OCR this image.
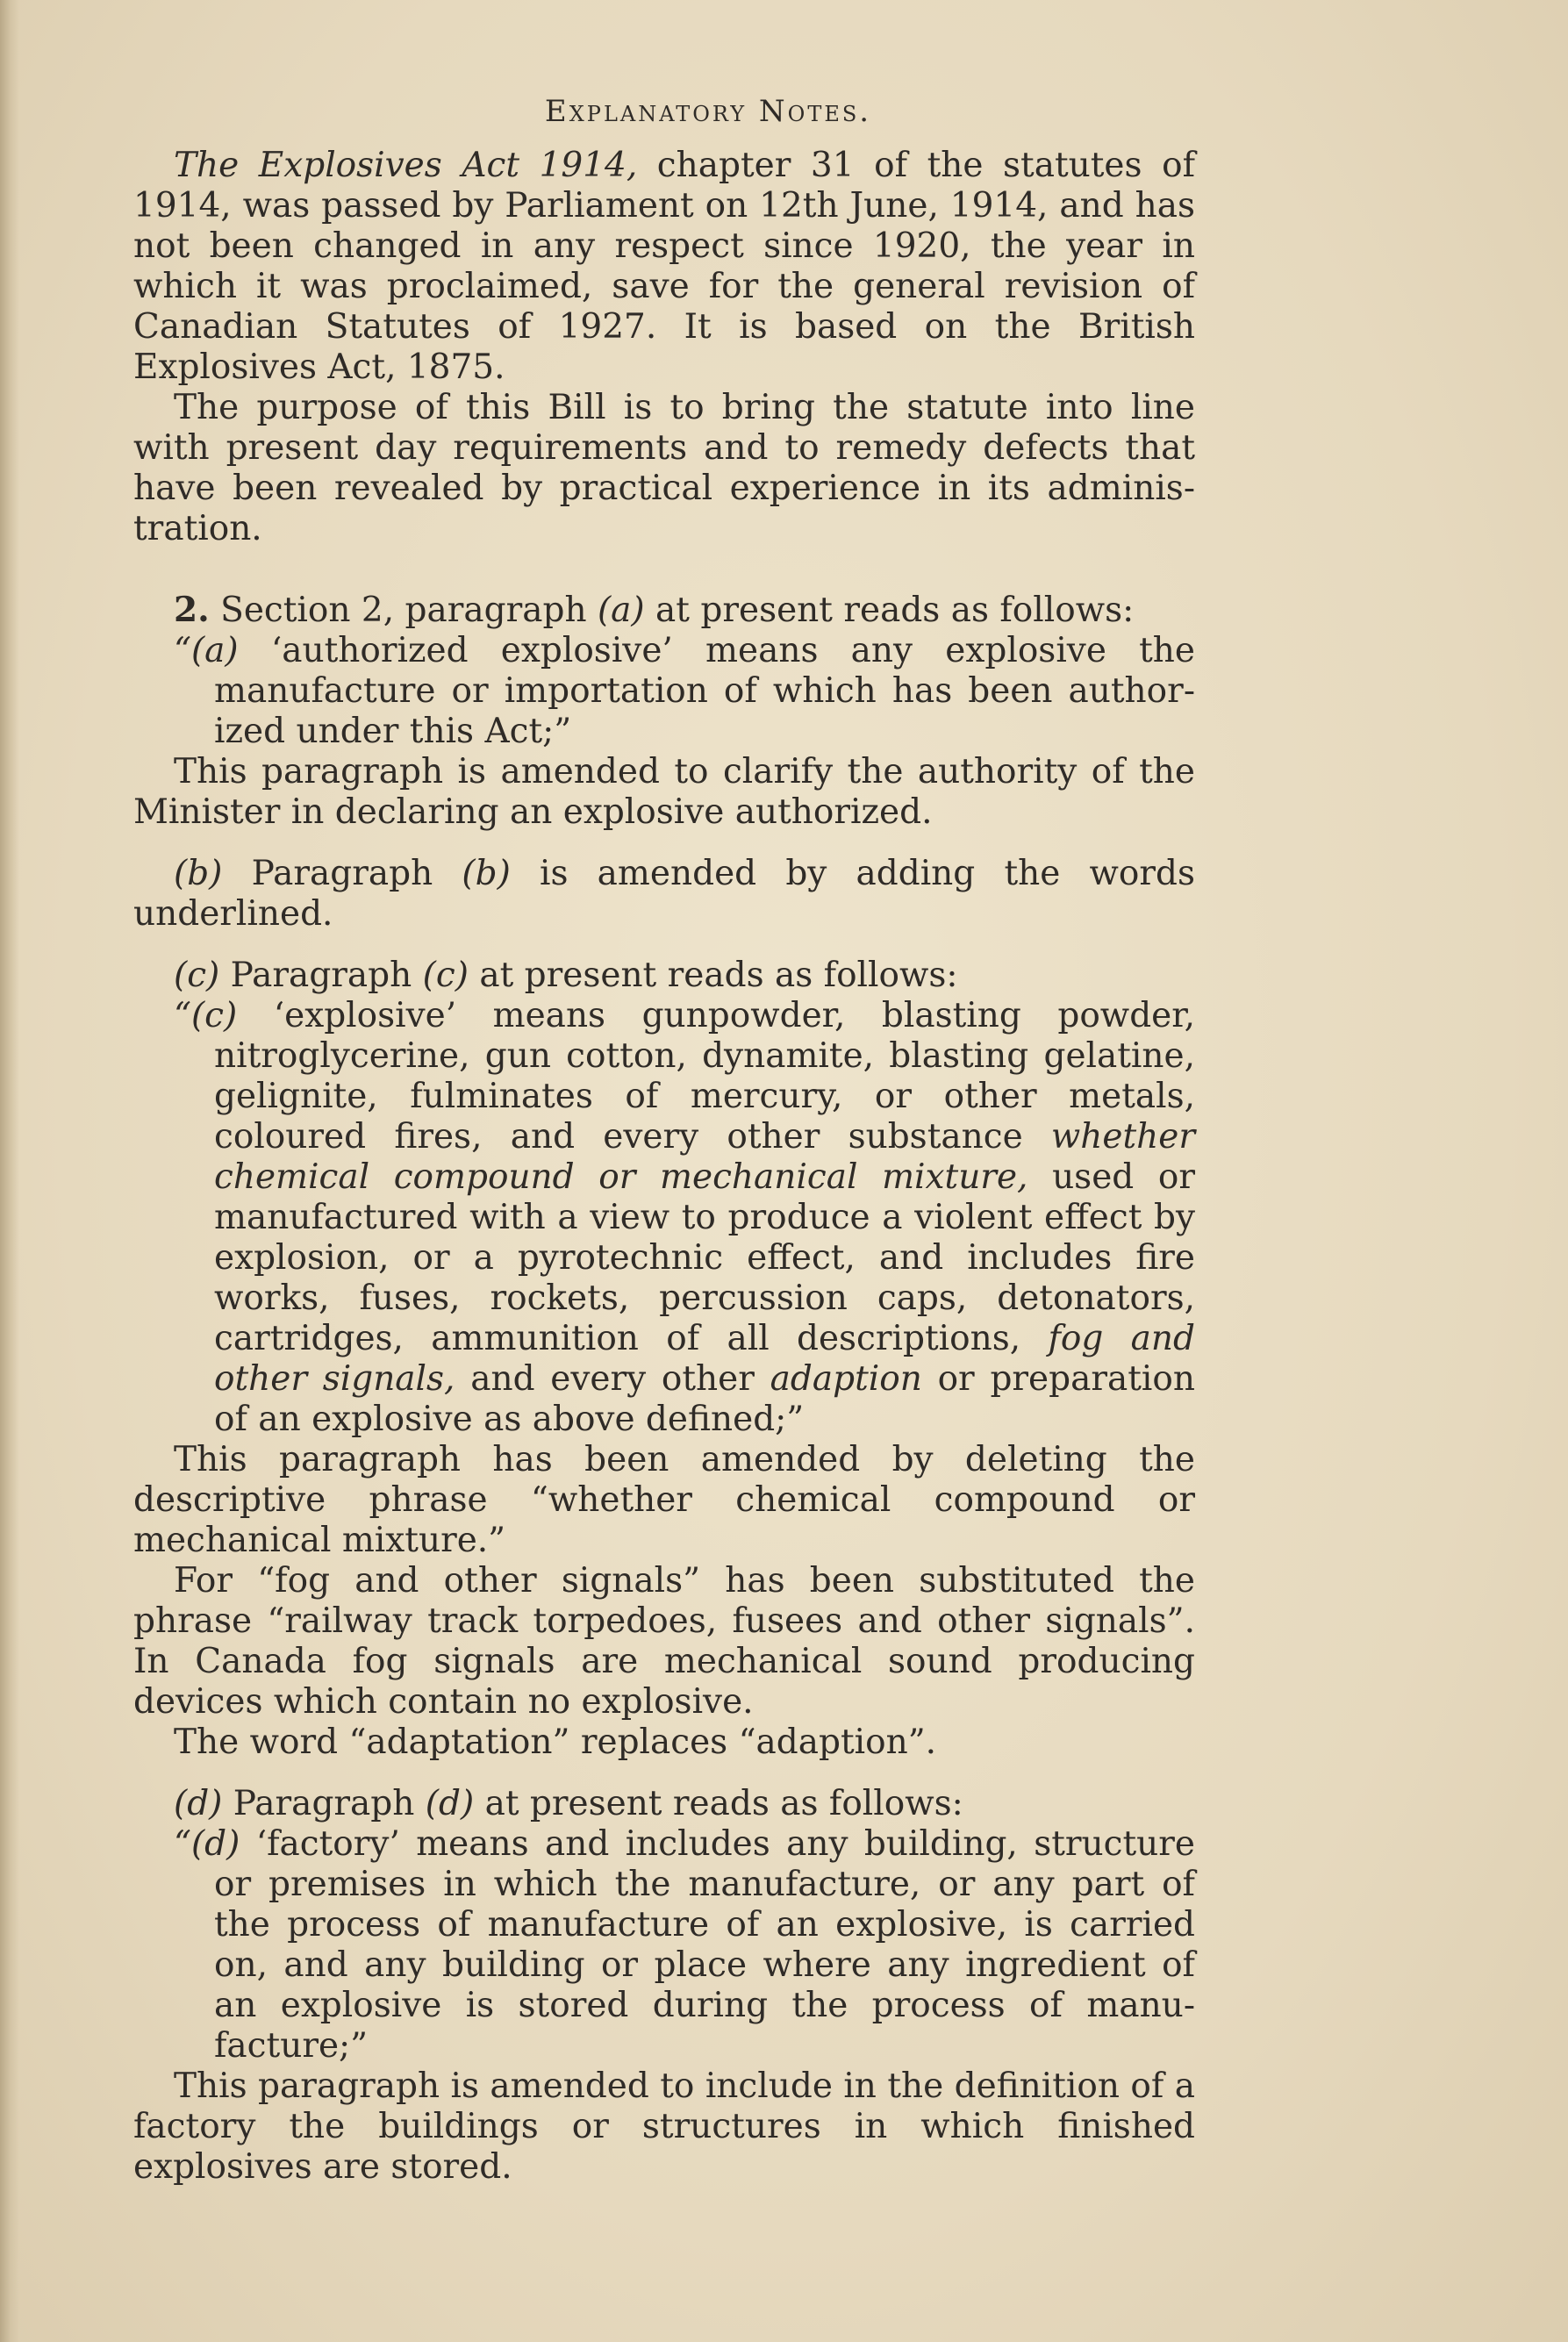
Explanatory Notes.

The Explosives Act 1914, chapter 31 of the statutes of 1914, was passed by Parliament on 12th June, 1914, and has not been changed in any respect since 1920, the year in which it was proclaimed, save for the general revision of Canadian Statutes of 1927. It is based on the British Explosives Act, 1875.

The purpose of this Bill is to bring the statute into line with present day requirements and to remedy defects that have been revealed by practical experience in its administration.

2. Section 2, paragraph (a) at present reads as follows:

“(a) ‘authorized explosive’ means any explosive the manufacture or importation of which has been authorized under this Act;”

This paragraph is amended to clarify the authority of the Minister in declaring an explosive authorized.

(b) Paragraph (b) is amended by adding the words underlined.

(c) Paragraph (c) at present reads as follows:

“(c) ‘explosive’ means gunpowder, blasting powder, nitroglycerine, gun cotton, dynamite, blasting gelatine, gelignite, fulminates of mercury, or other metals, coloured fires, and every other substance whether chemical compound or mechanical mixture, used or manufactured with a view to produce a violent effect by explosion, or a pyrotechnic effect, and includes fire works, fuses, rockets, percussion caps, detonators, cartridges, ammunition of all descriptions, fog and other signals, and every other adaption or preparation of an explosive as above defined;”

This paragraph has been amended by deleting the descriptive phrase “whether chemical compound or mechanical mixture.”

For “fog and other signals” has been substituted the phrase “railway track torpedoes, fusees and other signals”. In Canada fog signals are mechanical sound producing devices which contain no explosive.

The word “adaptation” replaces “adaption”.

(d) Paragraph (d) at present reads as follows:

“(d) ‘factory’ means and includes any building, structure or premises in which the manufacture, or any part of the process of manufacture of an explosive, is carried on, and any building or place where any ingredient of an explosive is stored during the process of manufacture;”

This paragraph is amended to include in the definition of a factory the buildings or structures in which finished explosives are stored.
